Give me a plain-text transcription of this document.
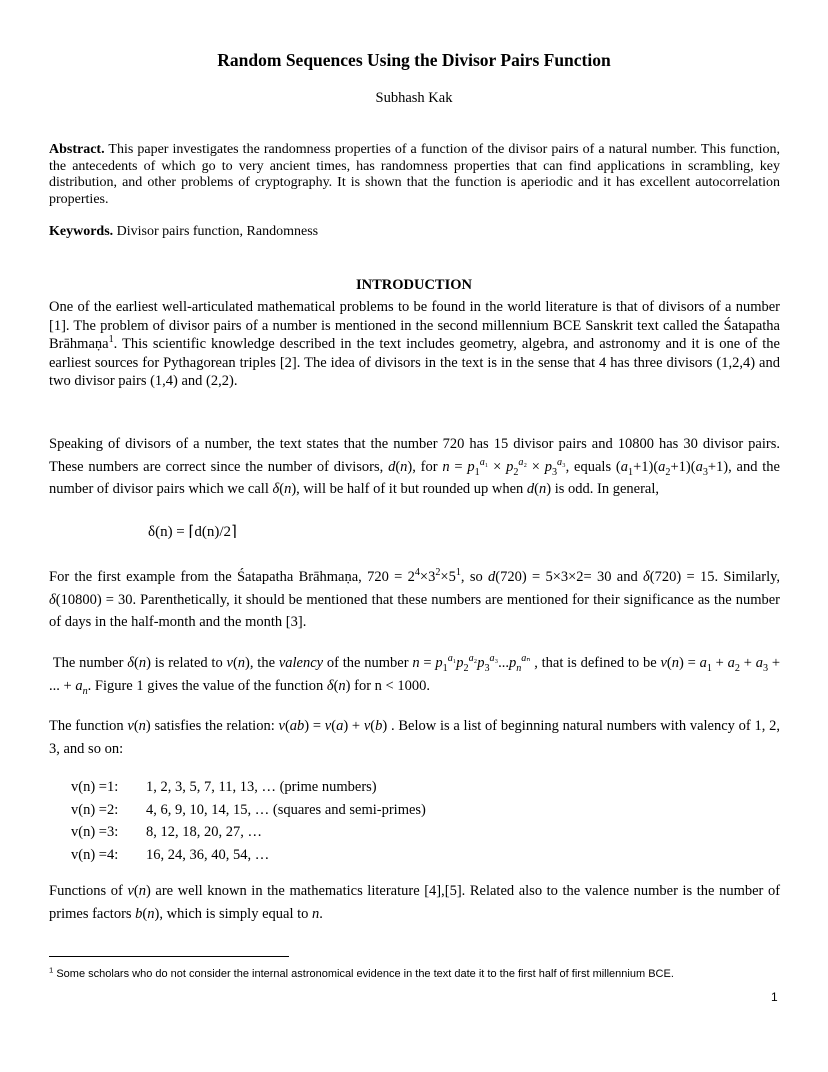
Random Sequences Using the Divisor Pairs Function
Subhash Kak
Abstract. This paper investigates the randomness properties of a function of the divisor pairs of a natural number. This function, the antecedents of which go to very ancient times, has randomness properties that can find applications in scrambling, key distribution, and other problems of cryptography. It is shown that the function is aperiodic and it has excellent autocorrelation properties.
Keywords. Divisor pairs function, Randomness
INTRODUCTION
One of the earliest well-articulated mathematical problems to be found in the world literature is that of divisors of a number [1]. The problem of divisor pairs of a number is mentioned in the second millennium BCE Sanskrit text called the Śatapatha Brāhmaṇa$^1$. This scientific knowledge described in the text includes geometry, algebra, and astronomy and it is one of the earliest sources for Pythagorean triples [2]. The idea of divisors in the text is in the sense that 4 has three divisors (1,2,4) and two divisor pairs (1,4) and (2,2).
Speaking of divisors of a number, the text states that the number 720 has 15 divisor pairs and 10800 has 30 divisor pairs. These numbers are correct since the number of divisors, d(n), for $n = p_1^{a_1} \times p_2^{a_2} \times p_3^{a_3}$, equals $(a_1+1)(a_2+1)(a_3+1)$, and the number of divisor pairs which we call δ(n), will be half of it but rounded up when d(n) is odd. In general,
δ(n) = ⌈d(n)/2⌉
For the first example from the Śatapatha Brāhmaṇa, $720 = 2^4\times 3^2\times 5^1$, so d(720) = 5×3×2= 30 and δ(720) = 15. Similarly, δ(10800) = 30. Parenthetically, it should be mentioned that these numbers are mentioned for their significance as the number of days in the half-month and the month [3].
The number δ(n) is related to v(n), the valency of the number $n = p_1^{a_1}p_2^{a_2}p_3^{a_3}...p_n^{a_n}$ , that is defined to be $v(n) = a_1 + a_2 + a_3$ + ... + $a_n$. Figure 1 gives the value of the function δ(n) for n < 1000.
The function v(n) satisfies the relation: v(ab) = v(a) + v(b) . Below is a list of beginning natural numbers with valency of 1, 2, 3, and so on:
v(n) =1: 1, 2, 3, 5, 7, 11, 13, … (prime numbers)
v(n) =2: 4, 6, 9, 10, 14, 15, … (squares and semi-primes)
v(n) =3: 8, 12, 18, 20, 27, …
v(n) =4: 16, 24, 36, 40, 54, …
Functions of v(n) are well known in the mathematics literature [4],[5]. Related also to the valence number is the number of primes factors b(n), which is simply equal to n.
$^1$ Some scholars who do not consider the internal astronomical evidence in the text date it to the first half of first millennium BCE.
1
